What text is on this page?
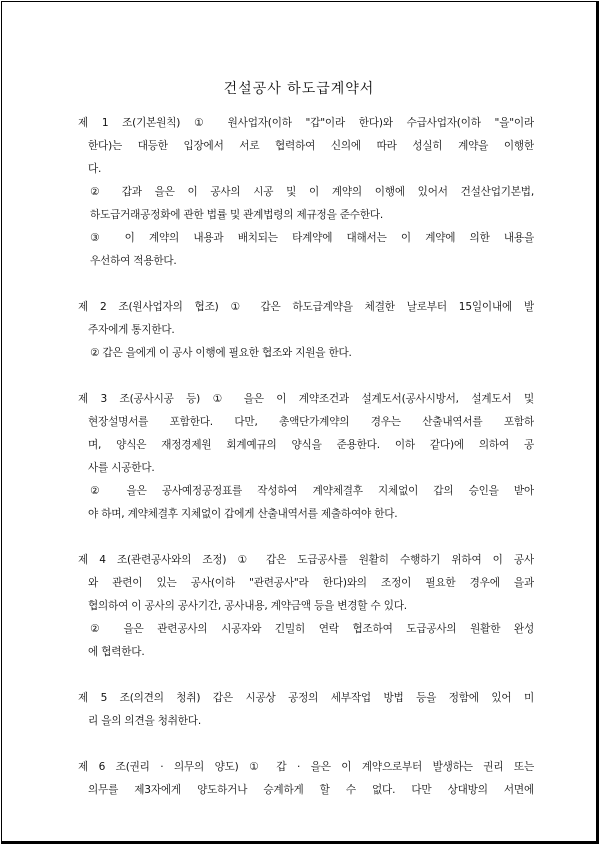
건설공사 하도급계약서
제 1 조(기본원칙) ① 원사업자(이하 "갑"이라 한다)와 수급사업자(이하 "을"이라
한다)는 대등한 입장에서 서로 협력하여 신의에 따라 성실히 계약을 이행한
다.
② 갑과 을은 이 공사의 시공 및 이 계약의 이행에 있어서 건설산업기본법,
하도급거래공정화에 관한 법률 및 관계법령의 제규정을 준수한다.
③ 이 계약의 내용과 배치되는 타계약에 대해서는 이 계약에 의한 내용을
우선하여 적용한다.
제 2 조(원사업자의 협조) ① 갑은 하도급계약을 체결한 날로부터 15일이내에 발
주자에게 통지한다.
② 갑은 을에게 이 공사 이행에 필요한 협조와 지원을 한다.
제 3 조(공사시공 등) ① 을은 이 계약조건과 설계도서(공사시방서, 설계도서 및
현장설명서를 포함한다. 다만, 총액단가계약의 경우는 산출내역서를 포함하
며, 양식은 재정경제원 회계예규의 양식을 준용한다. 이하 같다)에 의하여 공
사를 시공한다.
② 을은 공사예정공정표를 작성하여 계약체결후 지체없이 갑의 승인을 받아
야 하며, 계약체결후 지체없이 갑에게 산출내역서를 제출하여야 한다.
제 4 조(관련공사와의 조정) ① 갑은 도급공사를 원활히 수행하기 위하여 이 공사
와 관련이 있는 공사(이하 "관련공사"라 한다)와의 조정이 필요한 경우에 을과
협의하여 이 공사의 공사기간, 공사내용, 계약금액 등을 변경할 수 있다.
② 을은 관련공사의 시공자와 긴밀히 연락 협조하여 도급공사의 원활한 완성
에 협력한다.
제 5 조(의견의 청취) 갑은 시공상 공정의 세부작업 방법 등을 정함에 있어 미
리 을의 의견을 청취한다.
제 6 조(권리 · 의무의 양도) ① 갑 · 을은 이 계약으로부터 발생하는 권리 또는
의무를 제3자에게 양도하거나 승계하게 할 수 없다. 다만 상대방의 서면에
